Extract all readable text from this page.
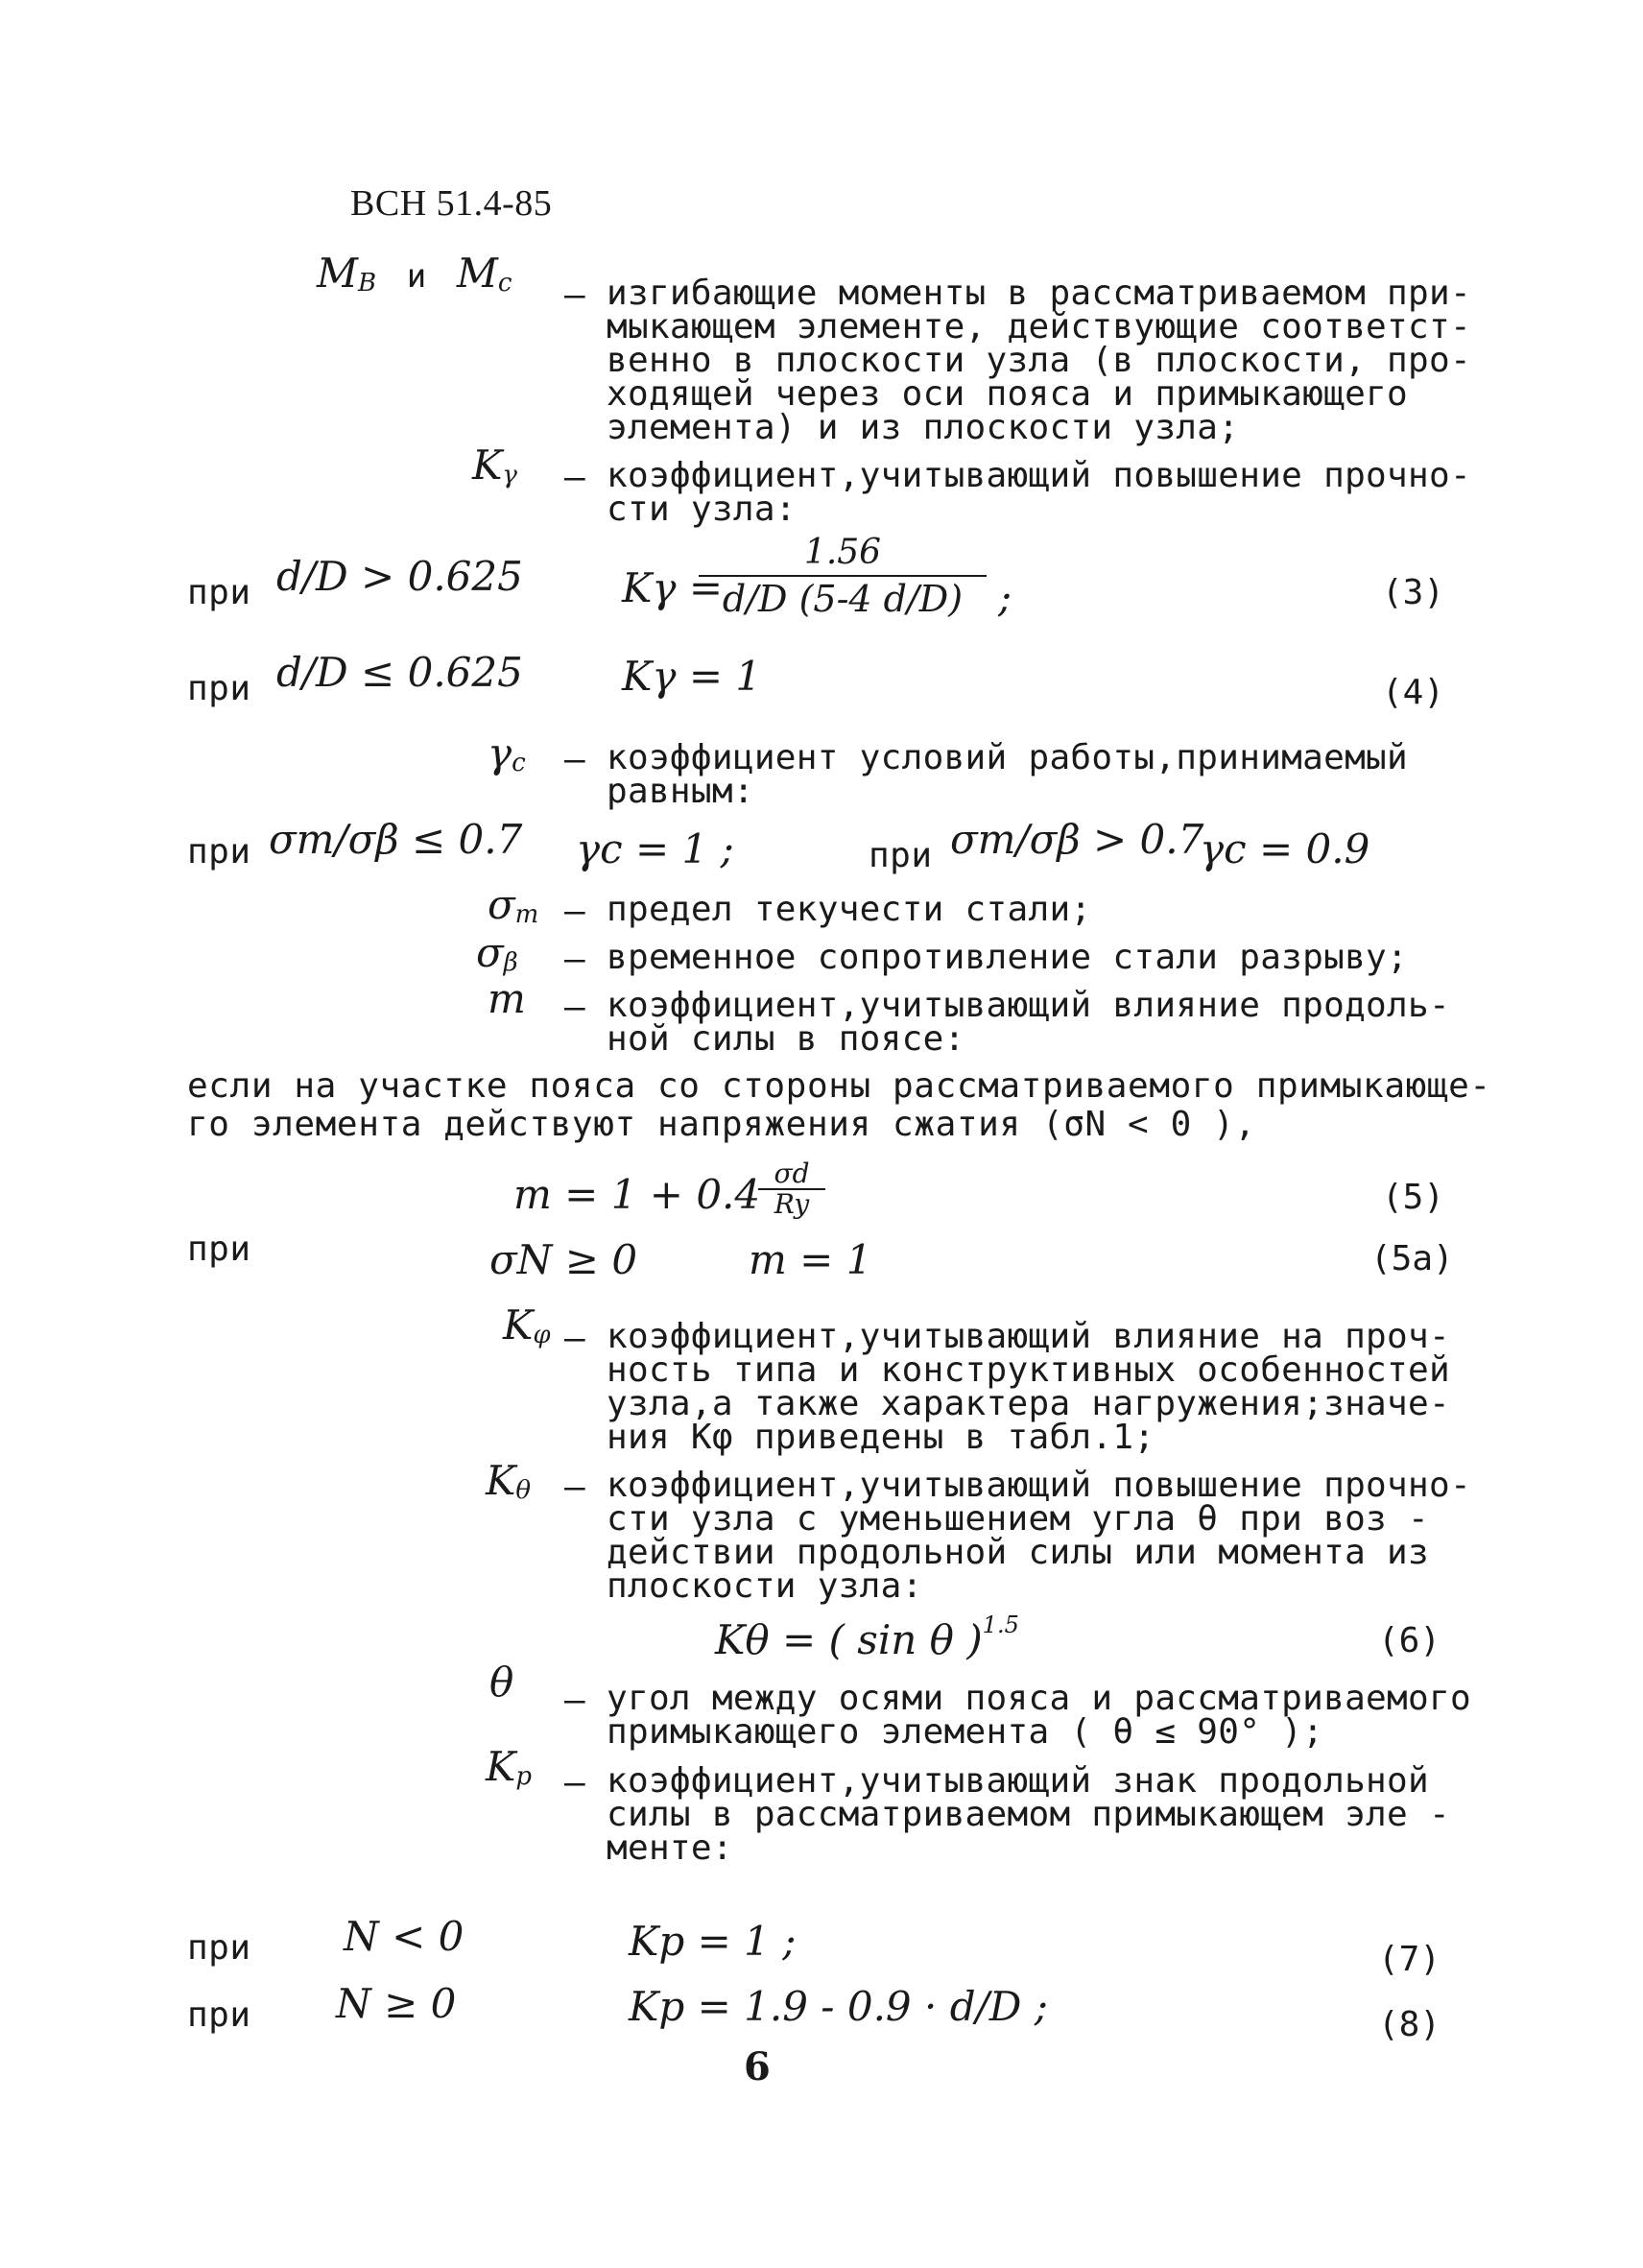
ВСН 51.4-85
$M_B$ и $M_c$ – изгибающие моменты в рассматриваемом при-
мыкающем элементе, действующие соответст-
венно в плоскости узла (в плоскости, про-
ходящей через оси пояса и примыкающего
элемента) и из плоскости узла;
$K_\gamma$ – коэффициент,учитывающий повышение прочно-
сти узла:
при d/D > 0.625 Kγ =
1.56
d/D (5-4 d/D) ;	(3)
при d/D ≤ 0.625 Kγ = 1	(4)
$\gamma_c$ – коэффициент условий работы,принимаемый
равным:
при σт/σβ ≤ 0.7 γc = 1 ;	при σт/σβ > 0.7
γc = 0.9
$\sigma_т$ – предел текучести стали;
$\sigma_\beta$ – временное сопротивление стали разрыву;
m – коэффициент,учитывающий влияние продоль-
ной силы в поясе:
если на участке пояса со стороны рассматриваемого примыкающе-
го элемента действуют напряжения сжатия (σN < 0 ),
m = 1 + 0.4 σd
Ry	(5)
при	σN ≥ 0	m = 1	(5а)
$K_\varphi$ – коэффициент,учитывающий влияние на проч-
ность типа и конструктивных особенностей
узла,а также характера нагружения;значе-
ния Kφ приведены в табл.1;
$K_\theta$ – коэффициент,учитывающий повышение прочно-
сти узла с уменьшением угла θ при воз -
действии продольной силы или момента из
плоскости узла:
Kθ = ( sin θ )$^{1.5}$	(6)
θ – угол между осями пояса и рассматриваемого
примыкающего элемента ( θ ≤ 90° );
$K_p$ – коэффициент,учитывающий знак продольной
силы в рассматриваемом примыкающем эле -
менте:
при N < 0	Kp = 1 ;	(7)
при N ≥ 0	Kp = 1.9 - 0.9 · d/D ;	(8)
6
